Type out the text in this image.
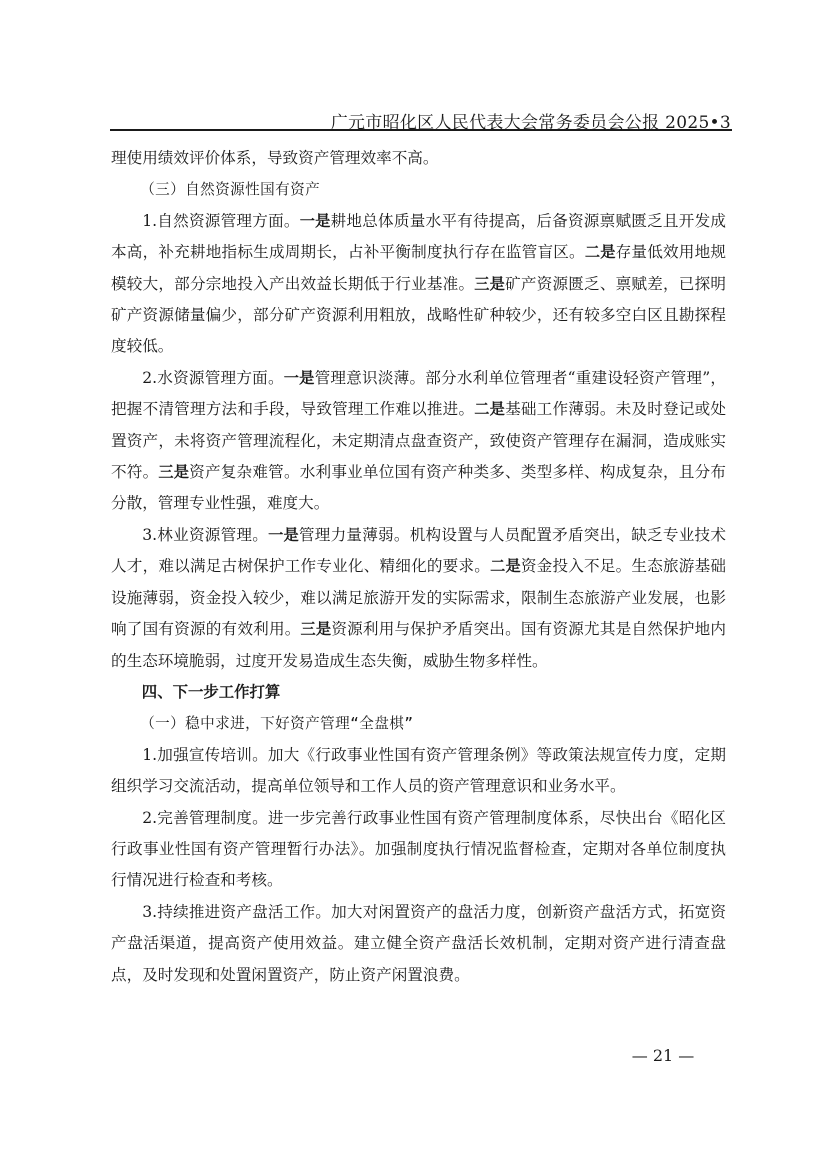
广元市昭化区人民代表大会常务委员会公报 2025•3

理使用绩效评价体系，导致资产管理效率不高。

（三）自然资源性国有资产

1.自然资源管理方面。一是耕地总体质量水平有待提高，后备资源禀赋匮乏且开发成本高，补充耕地指标生成周期长，占补平衡制度执行存在监管盲区。二是存量低效用地规模较大，部分宗地投入产出效益长期低于行业基准。三是矿产资源匮乏、禀赋差，已探明矿产资源储量偏少，部分矿产资源利用粗放，战略性矿种较少，还有较多空白区且勘探程度较低。

2.水资源管理方面。一是管理意识淡薄。部分水利单位管理者“重建设轻资产管理”，把握不清管理方法和手段，导致管理工作难以推进。二是基础工作薄弱。未及时登记或处置资产，未将资产管理流程化，未定期清点盘查资产，致使资产管理存在漏洞，造成账实不符。三是资产复杂难管。水利事业单位国有资产种类多、类型多样、构成复杂，且分布分散，管理专业性强，难度大。

3.林业资源管理。一是管理力量薄弱。机构设置与人员配置矛盾突出，缺乏专业技术人才，难以满足古树保护工作专业化、精细化的要求。二是资金投入不足。生态旅游基础设施薄弱，资金投入较少，难以满足旅游开发的实际需求，限制生态旅游产业发展，也影响了国有资源的有效利用。三是资源利用与保护矛盾突出。国有资源尤其是自然保护地内的生态环境脆弱，过度开发易造成生态失衡，威胁生物多样性。

四、下一步工作打算

（一）稳中求进，下好资产管理“全盘棋”

1.加强宣传培训。加大《行政事业性国有资产管理条例》等政策法规宣传力度，定期组织学习交流活动，提高单位领导和工作人员的资产管理意识和业务水平。

2.完善管理制度。进一步完善行政事业性国有资产管理制度体系，尽快出台《昭化区行政事业性国有资产管理暂行办法》。加强制度执行情况监督检查，定期对各单位制度执行情况进行检查和考核。

3.持续推进资产盘活工作。加大对闲置资产的盘活力度，创新资产盘活方式，拓宽资产盘活渠道，提高资产使用效益。建立健全资产盘活长效机制，定期对资产进行清查盘点，及时发现和处置闲置资产，防止资产闲置浪费。

— 21 —
